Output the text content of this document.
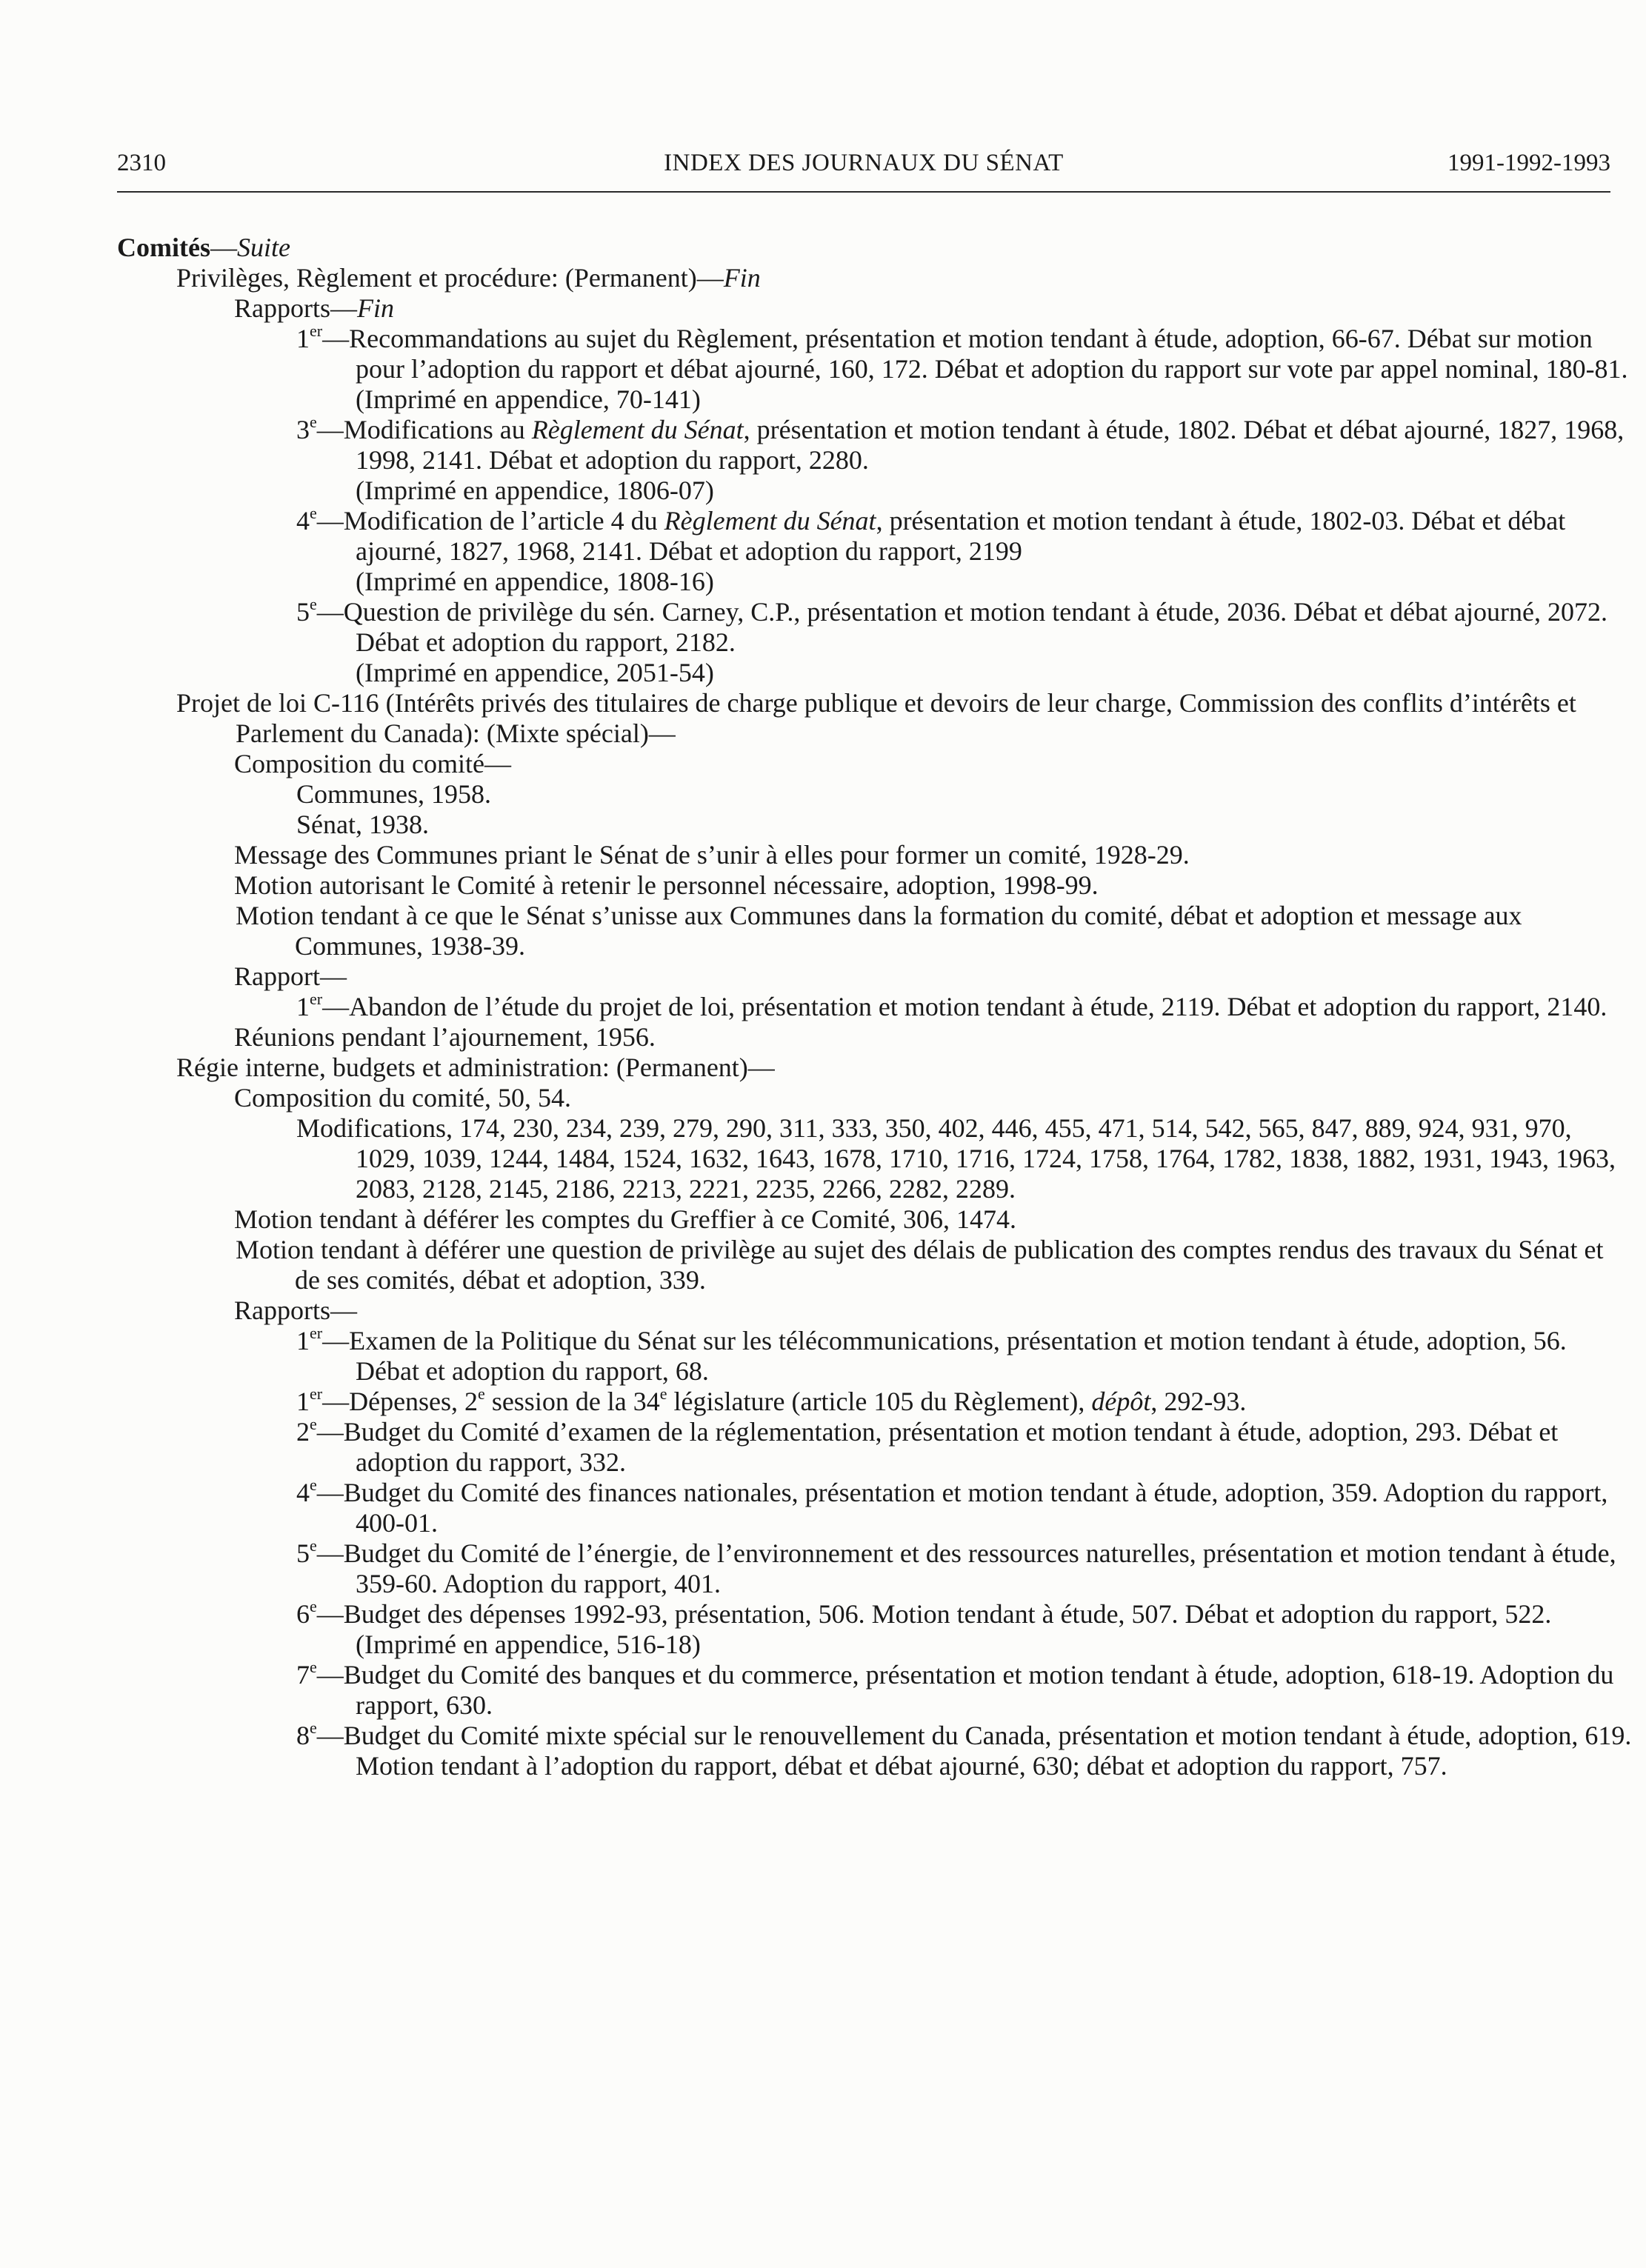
2310	INDEX DES JOURNAUX DU SÉNAT	1991-1992-1993
Comités—Suite
Privilèges, Règlement et procédure: (Permanent)—Fin
Rapports—Fin
1er—Recommandations au sujet du Règlement, présentation et motion tendant à étude, adoption, 66-67. Débat sur motion pour l’adoption du rapport et débat ajourné, 160, 172. Débat et adoption du rapport sur vote par appel nominal, 180-81.
(Imprimé en appendice, 70-141)
3e—Modifications au Règlement du Sénat, présentation et motion tendant à étude, 1802. Débat et débat ajourné, 1827, 1968, 1998, 2141. Débat et adoption du rapport, 2280.
(Imprimé en appendice, 1806-07)
4e—Modification de l’article 4 du Règlement du Sénat, présentation et motion tendant à étude, 1802-03. Débat et débat ajourné, 1827, 1968, 2141. Débat et adoption du rapport, 2199
(Imprimé en appendice, 1808-16)
5e—Question de privilège du sén. Carney, C.P., présentation et motion tendant à étude, 2036. Débat et débat ajourné, 2072. Débat et adoption du rapport, 2182.
(Imprimé en appendice, 2051-54)
Projet de loi C-116 (Intérêts privés des titulaires de charge publique et devoirs de leur charge, Commission des conflits d’intérêts et Parlement du Canada): (Mixte spécial)—
Composition du comité—
Communes, 1958.
Sénat, 1938.
Message des Communes priant le Sénat de s’unir à elles pour former un comité, 1928-29.
Motion autorisant le Comité à retenir le personnel nécessaire, adoption, 1998-99.
Motion tendant à ce que le Sénat s’unisse aux Communes dans la formation du comité, débat et adoption et message aux Communes, 1938-39.
Rapport—
1er—Abandon de l’étude du projet de loi, présentation et motion tendant à étude, 2119. Débat et adoption du rapport, 2140.
Réunions pendant l’ajournement, 1956.
Régie interne, budgets et administration: (Permanent)—
Composition du comité, 50, 54.
Modifications, 174, 230, 234, 239, 279, 290, 311, 333, 350, 402, 446, 455, 471, 514, 542, 565, 847, 889, 924, 931, 970, 1029, 1039, 1244, 1484, 1524, 1632, 1643, 1678, 1710, 1716, 1724, 1758, 1764, 1782, 1838, 1882, 1931, 1943, 1963, 2083, 2128, 2145, 2186, 2213, 2221, 2235, 2266, 2282, 2289.
Motion tendant à déférer les comptes du Greffier à ce Comité, 306, 1474.
Motion tendant à déférer une question de privilège au sujet des délais de publication des comptes rendus des travaux du Sénat et de ses comités, débat et adoption, 339.
Rapports—
1er—Examen de la Politique du Sénat sur les télécommunications, présentation et motion tendant à étude, adoption, 56. Débat et adoption du rapport, 68.
1er—Dépenses, 2e session de la 34e législature (article 105 du Règlement), dépôt, 292-93.
2e—Budget du Comité d’examen de la réglementation, présentation et motion tendant à étude, adoption, 293. Débat et adoption du rapport, 332.
4e—Budget du Comité des finances nationales, présentation et motion tendant à étude, adoption, 359. Adoption du rapport, 400-01.
5e—Budget du Comité de l’énergie, de l’environnement et des ressources naturelles, présentation et motion tendant à étude, 359-60. Adoption du rapport, 401.
6e—Budget des dépenses 1992-93, présentation, 506. Motion tendant à étude, 507. Débat et adoption du rapport, 522.
(Imprimé en appendice, 516-18)
7e—Budget du Comité des banques et du commerce, présentation et motion tendant à étude, adoption, 618-19. Adoption du rapport, 630.
8e—Budget du Comité mixte spécial sur le renouvellement du Canada, présentation et motion tendant à étude, adoption, 619. Motion tendant à l’adoption du rapport, débat et débat ajourné, 630; débat et adoption du rapport, 757.
